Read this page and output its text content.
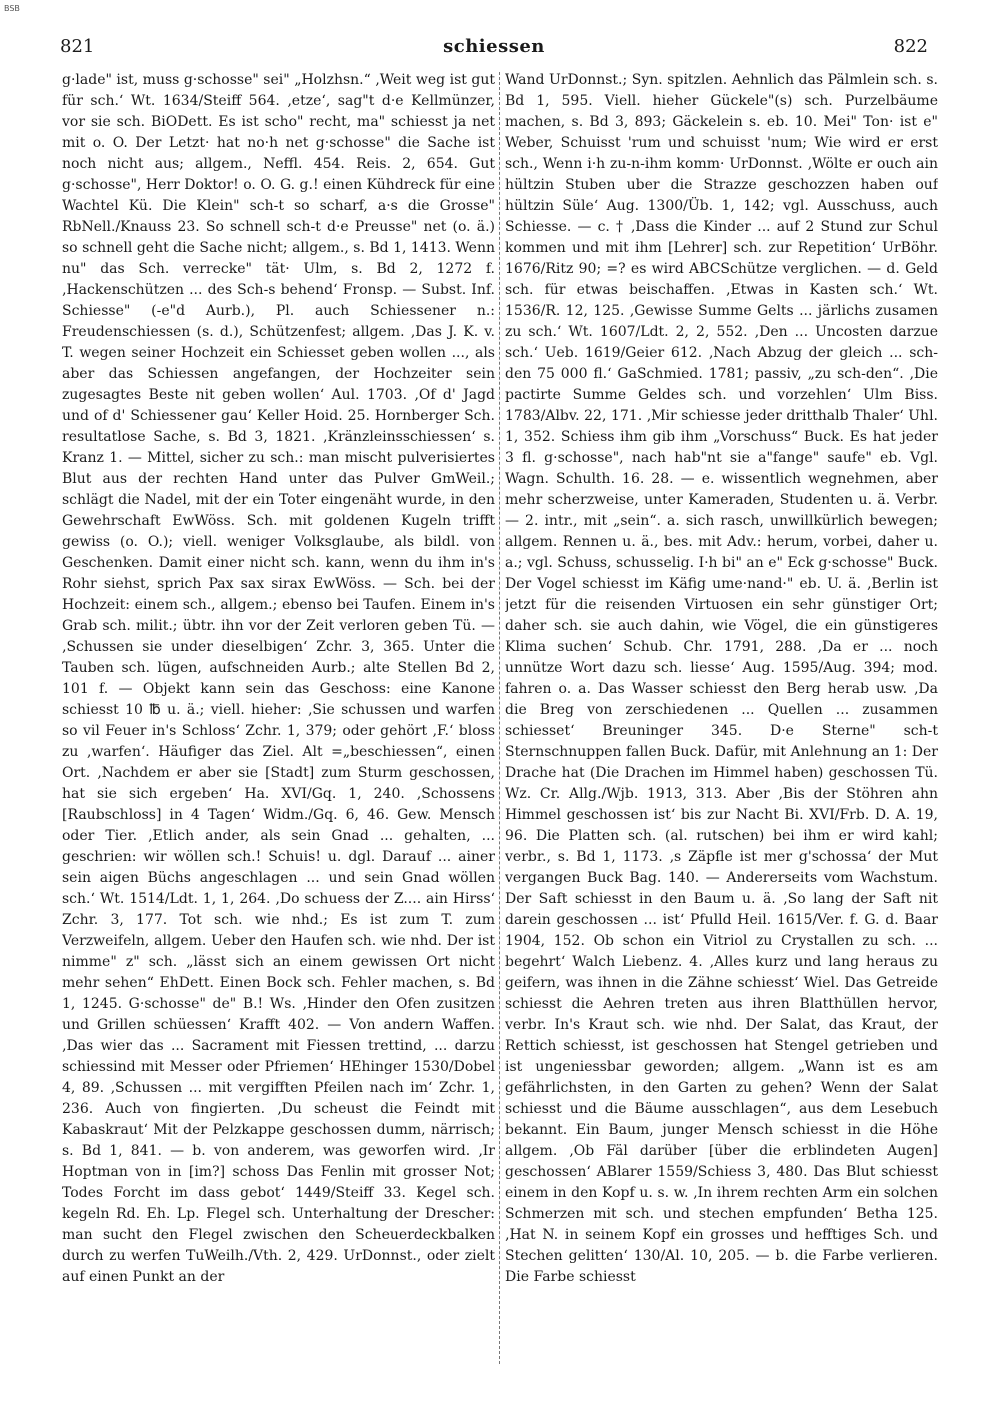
BSB
821	schiessen	822

g·lade" ist, muss g·schosse" sei" „Holzhsn.“ ‚Weit weg ist gut für sch.‘ Wt. 1634/Steiff 564. ‚etze‘, sag"t d·e Kellmünzer, vor sie sch. BiODett. Es ist scho" recht, ma" schiesst ja net mit o. O. Der Letzt· hat no·h net g·schosse" die Sache ist noch nicht aus; allgem., Neffl. 454. Reis. 2, 654. Gut g·schosse", Herr Doktor! o. O. G. g.! einen Kühdreck für eine Wachtel Kü. Die Klein" sch-t so scharf, a·s die Grosse" RbNell./Knauss 23. So schnell sch-t d·e Preusse" net (o. ä.) so schnell geht die Sache nicht; allgem., s. Bd 1, 1413. Wenn nu" das Sch. verrecke" tät· Ulm, s. Bd 2, 1272 f. ‚Hackenschützen ... des Sch-s behend‘ Fronsp. — Subst. Inf. Schiesse" (-e"d Aurb.), Pl. auch Schiessener n.: Freudenschiessen (s. d.), Schützenfest; allgem. ‚Das J. K. v. T. wegen seiner Hochzeit ein Schiesset geben wollen ..., als aber das Schiessen angefangen, der Hochzeiter sein zugesagtes Beste nit geben wollen‘ Aul. 1703. ‚Of d' Jagd und of d' Schiessener gau‘ Keller Hoid. 25. Hornberger Sch. resultatlose Sache, s. Bd 3, 1821. ‚Kränzleinsschiessen‘ s. Kranz 1. — Mittel, sicher zu sch.: man mischt pulverisiertes Blut aus der rechten Hand unter das Pulver GmWeil.; schlägt die Nadel, mit der ein Toter eingenäht wurde, in den Gewehrschaft EwWöss. Sch. mit goldenen Kugeln trifft gewiss (o. O.); viell. weniger Volksglaube, als bildl. von Geschenken. Damit einer nicht sch. kann, wenn du ihm in's Rohr siehst, sprich Pax sax sirax EwWöss. — Sch. bei der Hochzeit: einem sch., allgem.; ebenso bei Taufen. Einem in's Grab sch. milit.; übtr. ihn vor der Zeit verloren geben Tü. — ‚Schussen sie under dieselbigen‘ Zchr. 3, 365. Unter die Tauben sch. lügen, aufschneiden Aurb.; alte Stellen Bd 2, 101 f. — Objekt kann sein das Geschoss: eine Kanone schiesst 10 ℔ u. ä.; viell. hieher: ‚Sie schussen und warfen so vil Feuer in's Schloss‘ Zchr. 1, 379; oder gehört ‚F.‘ bloss zu ‚warfen‘. Häufiger das Ziel. Alt =„beschiessen“, einen Ort. ‚Nachdem er aber sie [Stadt] zum Sturm geschossen, hat sie sich ergeben‘ Ha. XVI/Gq. 1, 240. ‚Schossens [Raubschloss] in 4 Tagen‘ Widm./Gq. 6, 46. Gew. Mensch oder Tier. ‚Etlich ander, als sein Gnad ... gehalten, ... geschrien: wir wöllen sch.! Schuis! u. dgl. Darauf ... ainer sein aigen Büchs angeschlagen ... und sein Gnad wöllen sch.‘ Wt. 1514/Ldt. 1, 1, 264. ‚Do schuess der Z.... ain Hirss‘ Zchr. 3, 177. Tot sch. wie nhd.; Es ist zum T. zum Verzweifeln, allgem. Ueber den Haufen sch. wie nhd. Der ist nimme" z" sch. „lässt sich an einem gewissen Ort nicht mehr sehen“ EhDett. Einen Bock sch. Fehler machen, s. Bd 1, 1245. G·schosse" de" B.! Ws. ‚Hinder den Ofen zusitzen und Grillen schüessen‘ Krafft 402. — Von andern Waffen. ‚Das wier das ... Sacrament mit Fiessen trettind, ... darzu schiessind mit Messer oder Pfriemen‘ HEhinger 1530/Dobel 4, 89. ‚Schussen ... mit vergifften Pfeilen nach im‘ Zchr. 1, 236. Auch von fingierten. ‚Du scheust die Feindt mit Kabaskraut‘ Mit der Pelzkappe geschossen dumm, närrisch; s. Bd 1, 841. — b. von anderem, was geworfen wird. ‚Ir Hoptman von in [im?] schoss Das Fenlin mit grosser Not; Todes Forcht im dass gebot‘ 1449/Steiff 33. Kegel sch. kegeln Rd. Eh. Lp. Flegel sch. Unterhaltung der Drescher: man sucht den Flegel zwischen den Scheuerdeckbalken durch zu werfen TuWeilh./Vth. 2, 429. UrDonnst., oder zielt auf einen Punkt an der

Wand UrDonnst.; Syn. spitzlen. Aehnlich das Pälmlein sch. s. Bd 1, 595. Viell. hieher Gückele"(s) sch. Purzelbäume machen, s. Bd 3, 893; Gäckelein s. eb. 10. Mei" Ton· ist e" Weber, Schuisst 'rum und schuisst 'num; Wie wird er erst sch., Wenn i·h zu-n-ihm komm· UrDonnst. ‚Wölte er ouch ain hültzin Stuben uber die Strazze geschozzen haben ouf hültzin Süle‘ Aug. 1300/Üb. 1, 142; vgl. Ausschuss, auch Schiesse. — c. † ‚Dass die Kinder ... auf 2 Stund zur Schul kommen und mit ihm [Lehrer] sch. zur Repetition‘ UrBöhr. 1676/Ritz 90; =? es wird ABCSchütze verglichen. — d. Geld sch. für etwas beischaffen. ‚Etwas in Kasten sch.‘ Wt. 1536/R. 12, 125. ‚Gewisse Summe Gelts ... järlichs zusamen zu sch.‘ Wt. 1607/Ldt. 2, 2, 552. ‚Den ... Uncosten darzue sch.‘ Ueb. 1619/Geier 612. ‚Nach Abzug der gleich ... sch-den 75 000 fl.‘ GaSchmied. 1781; passiv, „zu sch-den“. ‚Die pactirte Summe Geldes sch. und vorzehlen‘ Ulm Biss. 1783/Albv. 22, 171. ‚Mir schiesse jeder dritthalb Thaler‘ Uhl. 1, 352. Schiess ihm gib ihm „Vorschuss“ Buck. Es hat jeder 3 fl. g·schosse", nach hab"nt sie a"fange" saufe" eb. Vgl. Wagn. Schulth. 16. 28. — e. wissentlich wegnehmen, aber mehr scherzweise, unter Kameraden, Studenten u. ä. Verbr. — 2. intr., mit „sein“. a. sich rasch, unwillkürlich bewegen; allgem. Rennen u. ä., bes. mit Adv.: herum, vorbei, daher u. a.; vgl. Schuss, schusselig. I·h bi" an e" Eck g·schosse" Buck. Der Vogel schiesst im Käfig ume·nand·" eb. U. ä. ‚Berlin ist jetzt für die reisenden Virtuosen ein sehr günstiger Ort; daher sch. sie auch dahin, wie Vögel, die ein günstigeres Klima suchen‘ Schub. Chr. 1791, 288. ‚Da er ... noch unnütze Wort dazu sch. liesse‘ Aug. 1595/Aug. 394; mod. fahren o. a. Das Wasser schiesst den Berg herab usw. ‚Da die Breg von zerschiedenen ... Quellen ... zusammen schiesset‘ Breuninger 345. D·e Sterne" sch-t Sternschnuppen fallen Buck. Dafür, mit Anlehnung an 1: Der Drache hat (Die Drachen im Himmel haben) geschossen Tü. Wz. Cr. Allg./Wjb. 1913, 313. Aber ‚Bis der Stöhren ahn Himmel geschossen ist‘ bis zur Nacht Bi. XVI/Frb. D. A. 19, 96. Die Platten sch. (al. rutschen) bei ihm er wird kahl; verbr., s. Bd 1, 1173. ‚s Zäpfle ist mer g'schossa‘ der Mut vergangen Buck Bag. 140. — Andererseits vom Wachstum. Der Saft schiesst in den Baum u. ä. ‚So lang der Saft nit darein geschossen ... ist‘ Pfulld Heil. 1615/Ver. f. G. d. Baar 1904, 152. Ob schon ein Vitriol zu Crystallen zu sch. ... begehrt‘ Walch Liebenz. 4. ‚Alles kurz und lang heraus zu geifern, was ihnen in die Zähne schiesst‘ Wiel. Das Getreide schiesst die Aehren treten aus ihren Blatthüllen hervor, verbr. In's Kraut sch. wie nhd. Der Salat, das Kraut, der Rettich schiesst, ist geschossen hat Stengel getrieben und ist ungeniessbar geworden; allgem. „Wann ist es am gefährlichsten, in den Garten zu gehen? Wenn der Salat schiesst und die Bäume ausschlagen“, aus dem Lesebuch bekannt. Ein Baum, junger Mensch schiesst in die Höhe allgem. ‚Ob Fäl darüber [über die erblindeten Augen] geschossen‘ ABlarer 1559/Schiess 3, 480. Das Blut schiesst einem in den Kopf u. s. w. ‚In ihrem rechten Arm ein solchen Schmerzen mit sch. und stechen empfunden‘ Betha 125. ‚Hat N. in seinem Kopf ein grosses und hefftiges Sch. und Stechen gelitten‘ 130/Al. 10, 205. — b. die Farbe verlieren. Die Farbe schiesst
